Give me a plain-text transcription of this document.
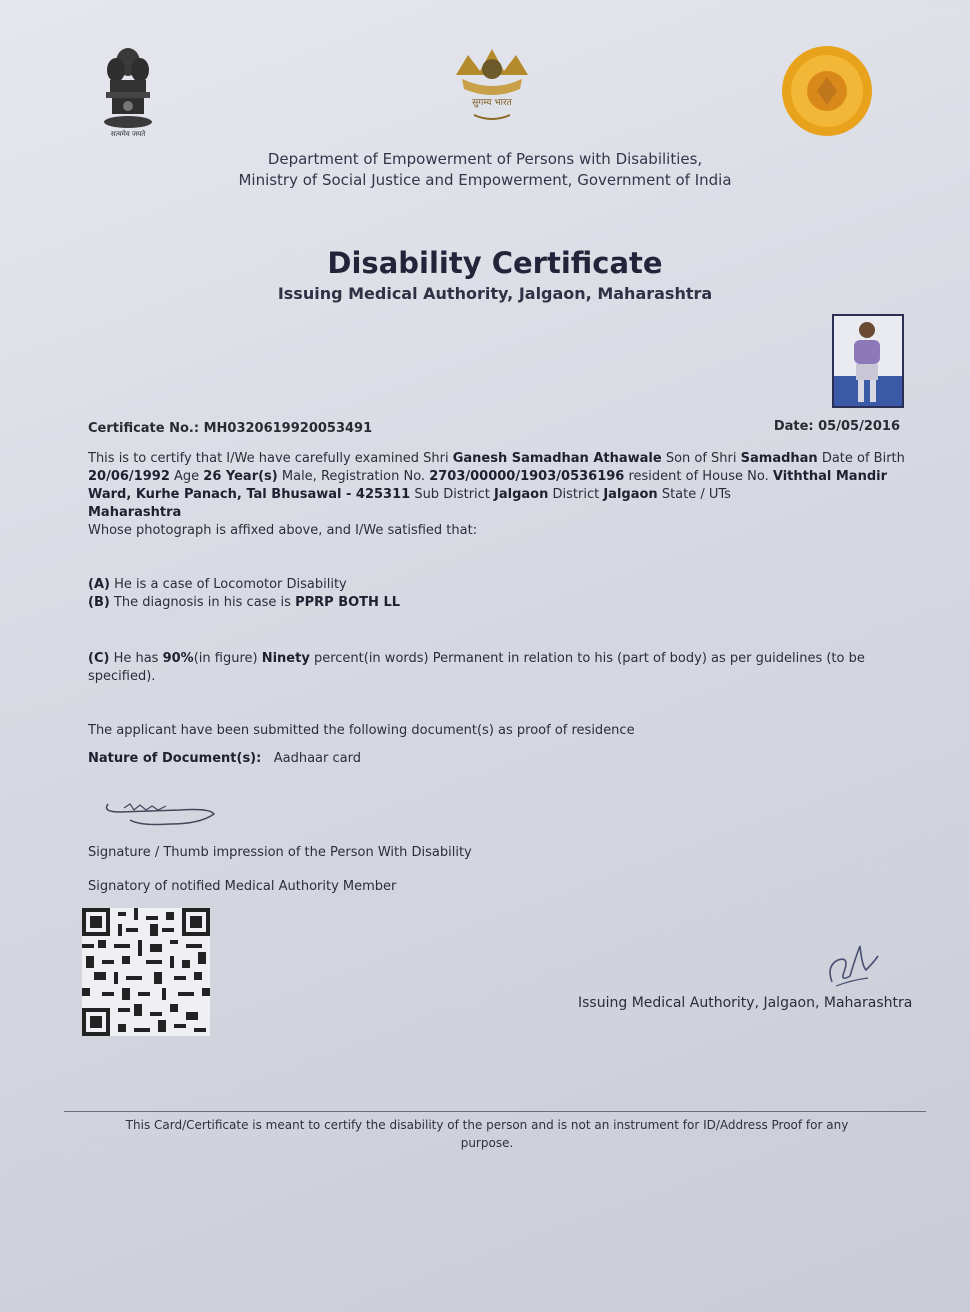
सत्यमेव जयते
सुगम्य भारत
Department of Empowerment of Persons with Disabilities,
Ministry of Social Justice and Empowerment, Government of India
Disability Certificate
Issuing Medical Authority, Jalgaon, Maharashtra
Certificate No.: MH0320619920053491	Date: 05/05/2016
This is to certify that I/We have carefully examined Shri Ganesh Samadhan Athawale Son of Shri Samadhan Date of Birth 20/06/1992 Age 26 Year(s) Male, Registration No. 2703/00000/1903/0536196 resident of House No. Viththal Mandir Ward, Kurhe Panach, Tal Bhusawal - 425311 Sub District Jalgaon District Jalgaon State / UTs
Maharashtra
Whose photograph is affixed above, and I/We satisfied that:
(A) He is a case of Locomotor Disability
(B) The diagnosis in his case is PPRP BOTH LL
(C) He has 90%(in figure) Ninety percent(in words) Permanent in relation to his (part of body) as per guidelines (to be specified).
The applicant have been submitted the following document(s) as proof of residence
Nature of Document(s): Aadhaar card
Signature / Thumb impression of the Person With Disability
Signatory of notified Medical Authority Member
Issuing Medical Authority, Jalgaon, Maharashtra
This Card/Certificate is meant to certify the disability of the person and is not an instrument for ID/Address Proof for any purpose.
